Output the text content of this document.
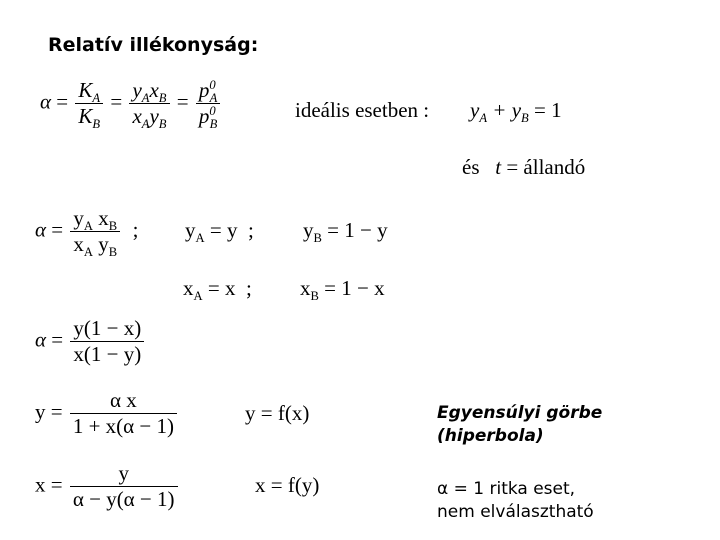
Relatív illékonyság:
$\alpha = \frac{K_A}{K_B} = \frac{y_Ax_B}{x_Ay_B} = \frac{p^0_A}{p^0_B}$	ideális esetben : $y_A + y_B = 1$
és t = állandó
$\alpha = \frac{y_A x_B}{x_A y_B}$ ; $y_A = y$  ; $y_B = 1 - y$
$x_A = x$  ; $x_B = 1 - x$
$\alpha = \frac{y(1 - x)}{x(1 - y)}$
$y = \frac{\text{α x}}{1 + x(\alpha - 1)}$	y = f(x)
$x = \frac{y}{\alpha - y(\alpha - 1)}$	x = f(y)
Egyensúlyi görbe
(hiperbola)
α = 1 ritka eset,
nem elválasztható
